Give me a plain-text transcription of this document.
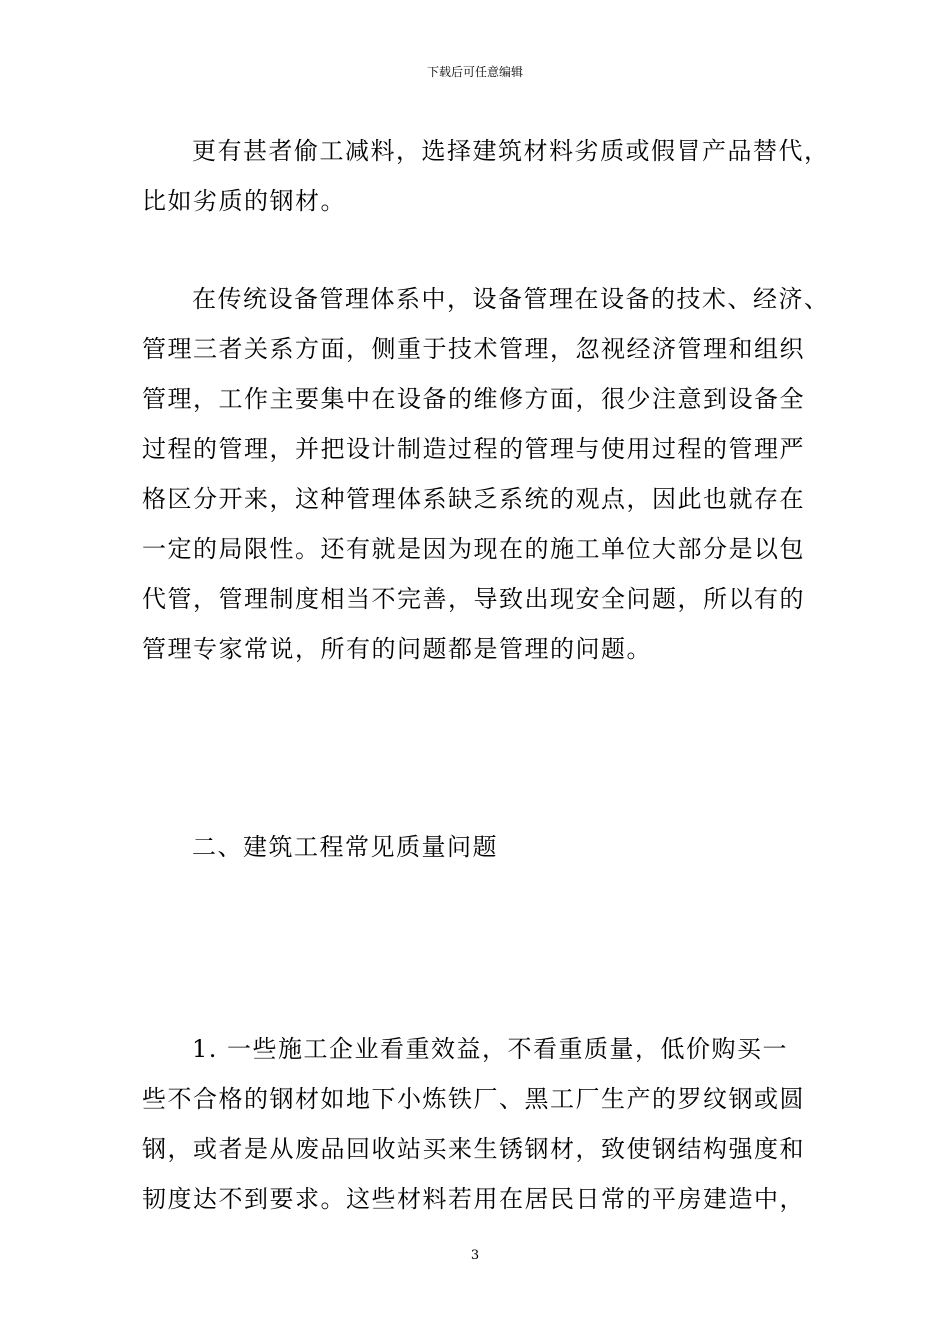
下载后可任意编辑
更有甚者偷工减料，选择建筑材料劣质或假冒产品替代，
比如劣质的钢材。
在传统设备管理体系中，设备管理在设备的技术、经济、
管理三者关系方面，侧重于技术管理，忽视经济管理和组织
管理，工作主要集中在设备的维修方面，很少注意到设备全
过程的管理，并把设计制造过程的管理与使用过程的管理严
格区分开来，这种管理体系缺乏系统的观点，因此也就存在
一定的局限性。还有就是因为现在的施工单位大部分是以包
代管，管理制度相当不完善，导致出现安全问题，所以有的
管理专家常说，所有的问题都是管理的问题。
二、建筑工程常见质量问题
1. 一些施工企业看重效益，不看重质量，低价购买一
些不合格的钢材如地下小炼铁厂、黑工厂生产的罗纹钢或圆
钢，或者是从废品回收站买来生锈钢材，致使钢结构强度和
韧度达不到要求。这些材料若用在居民日常的平房建造中，
3
